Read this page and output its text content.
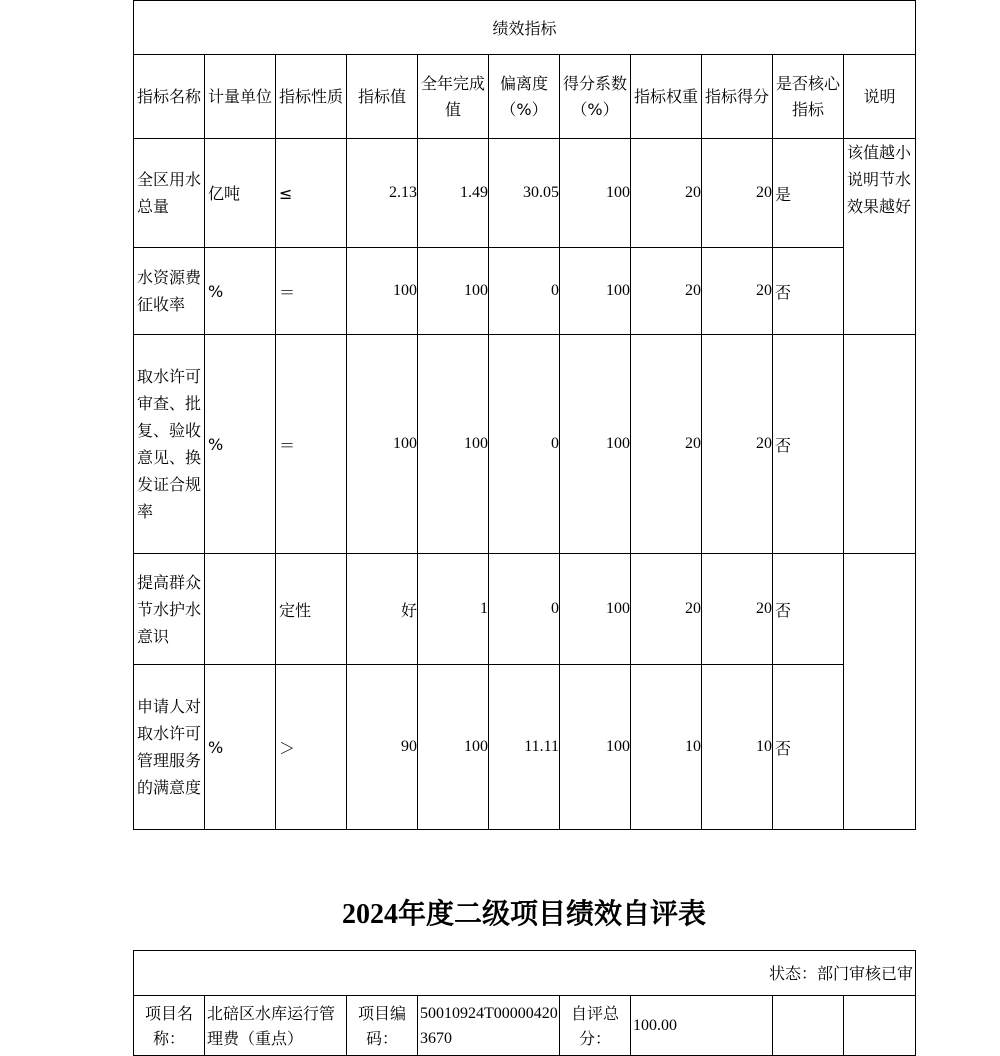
绩效指标										
指标名称	计量单位	指标性质	指标值	全年完成值	偏离度（%）	得分系数（%）	指标权重	指标得分	是否核心指标	说明
全区用水总量	亿吨	≤	2.13	1.49	30.05	100	20	20	是	该值越小说明节水效果越好
水资源费征收率	%	＝	100	100	0	100	20	20	否	
取水许可审查、批复、验收意见、换发证合规率	%	＝	100	100	0	100	20	20	否	
提高群众节水护水意识		定性	好	1	0	100	20	20	否	
申请人对取水许可管理服务的满意度	%	＞	90	100	11.11	100	10	10	否	
2024年度二级项目绩效自评表
状态：部门审核已审
项目名称：	北碚区水库运行管理费（重点）	项目编码：	50010924T000004203670	自评总分：	100.00		
